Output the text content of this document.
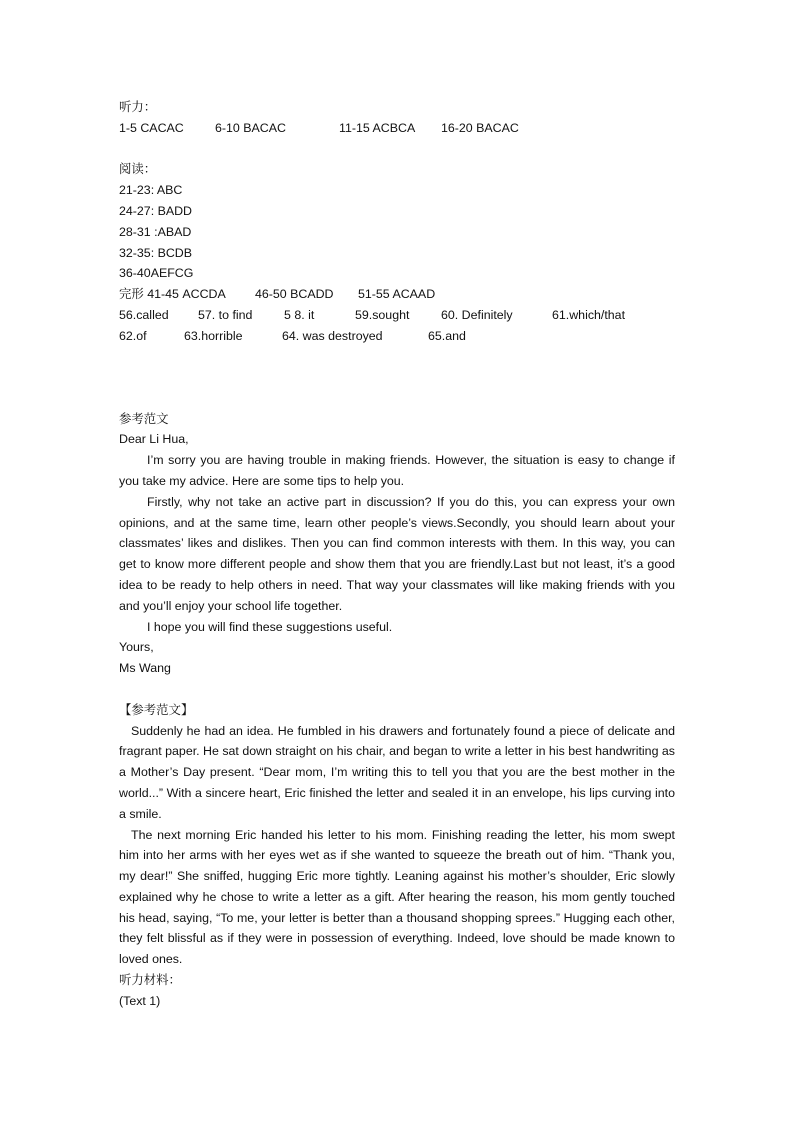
听力：
1-5 CACAC	6-10 BACAC	11-15 ACBCA 16-20 BACAC
阅读：
21-23: ABC
24-27: BADD
28-31 :ABAD
32-35: BCDB
36-40AEFCG
完形 41-45 ACCDA 46-50 BCADD 51-55 ACAAD
56.called 57. to find	5 8. it	59.sought	60. Definitely	61.which/that
62.of	63.horrible	64. was destroyed	65.and
参考范文
Dear Li Hua,

I’m sorry you are having trouble in making friends. However, the situation is easy to change if you take my advice. Here are some tips to help you.

Firstly, why not take an active part in discussion? If you do this, you can express your own opinions, and at the same time, learn other people’s views.Secondly, you should learn about your classmates’ likes and dislikes. Then you can find common interests with them. In this way, you can get to know more different people and show them that you are friendly.Last but not least, it’s a good idea to be ready to help others in need. That way your classmates will like making friends with you and you’ll enjoy your school life together.

I hope you will find these suggestions useful.

Yours,
Ms Wang
【参考范文】

Suddenly he had an idea. He fumbled in his drawers and fortunately found a piece of delicate and fragrant paper. He sat down straight on his chair, and began to write a letter in his best handwriting as a Mother’s Day present. “Dear mom, I’m writing this to tell you that you are the best mother in the world...” With a sincere heart, Eric finished the letter and sealed it in an envelope, his lips curving into a smile.

The next morning Eric handed his letter to his mom. Finishing reading the letter, his mom swept him into her arms with her eyes wet as if she wanted to squeeze the breath out of him. “Thank you, my dear!” She sniffed, hugging Eric more tightly. Leaning against his mother’s shoulder, Eric slowly explained why he chose to write a letter as a gift. After hearing the reason, his mom gently touched his head, saying, “To me, your letter is better than a thousand shopping sprees.” Hugging each other, they felt blissful as if they were in possession of everything. Indeed, love should be made known to loved ones.

听力材料：
(Text 1)
